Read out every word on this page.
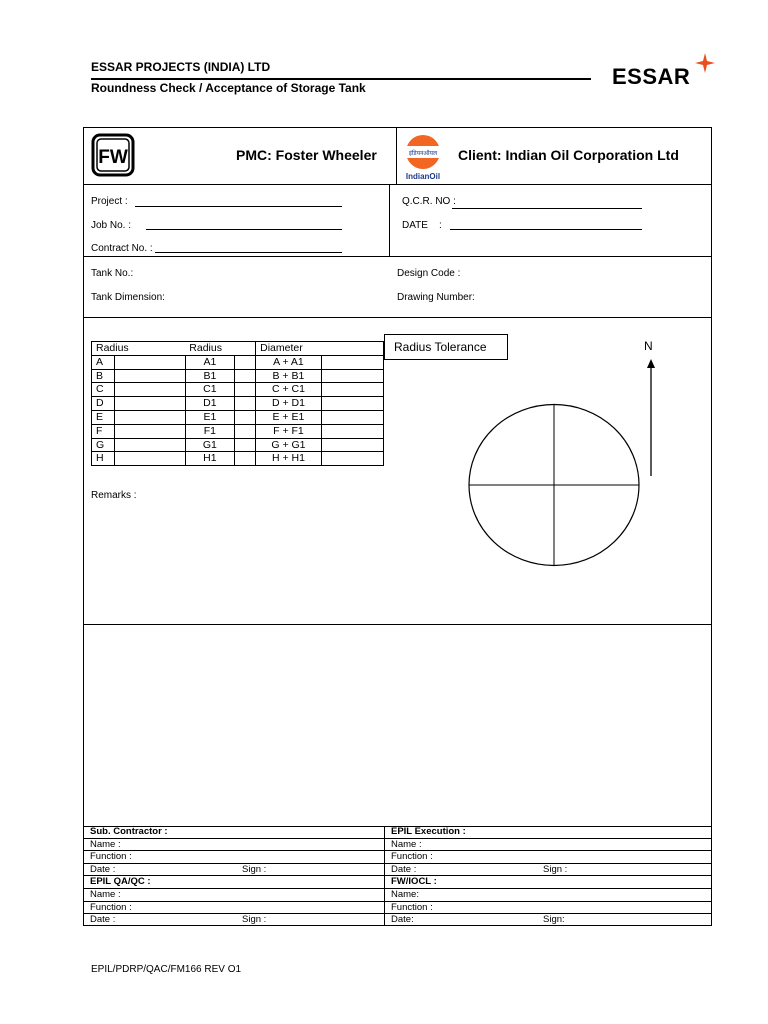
ESSAR PROJECTS (INDIA) LTD
Roundness Check / Acceptance of Storage Tank	ESSAR
FW	PMC: Foster Wheeler	इंडियनऑयल
IndianOil
Client: Indian Oil Corporation Ltd
Project :
Job No. :
Contract No. :
Q.C.R. NO :
DATE    :
Tank No.:
Tank Dimension:
Design Code :
Drawing Number:
Radius		Radius		Diameter	
A		A1		A + A1	
B		B1		B + B1	
C		C1		C + C1	
D		D1		D + D1	
E		E1		E + E1	
F		F1		F + F1	
G		G1		G + G1	
H		H1		H + H1	
Radius Tolerance	N
Remarks :
Sub. Contractor :
Name :
Function :
Date :	Sign :
EPIL QA/QC :
Name :
Function :
Date :	Sign :
EPIL Execution :
Name :
Function :
Date :	Sign :
FW/IOCL :
Name:
Function :
Date:	Sign:
EPIL/PDRP/QAC/FM166 REV O1
